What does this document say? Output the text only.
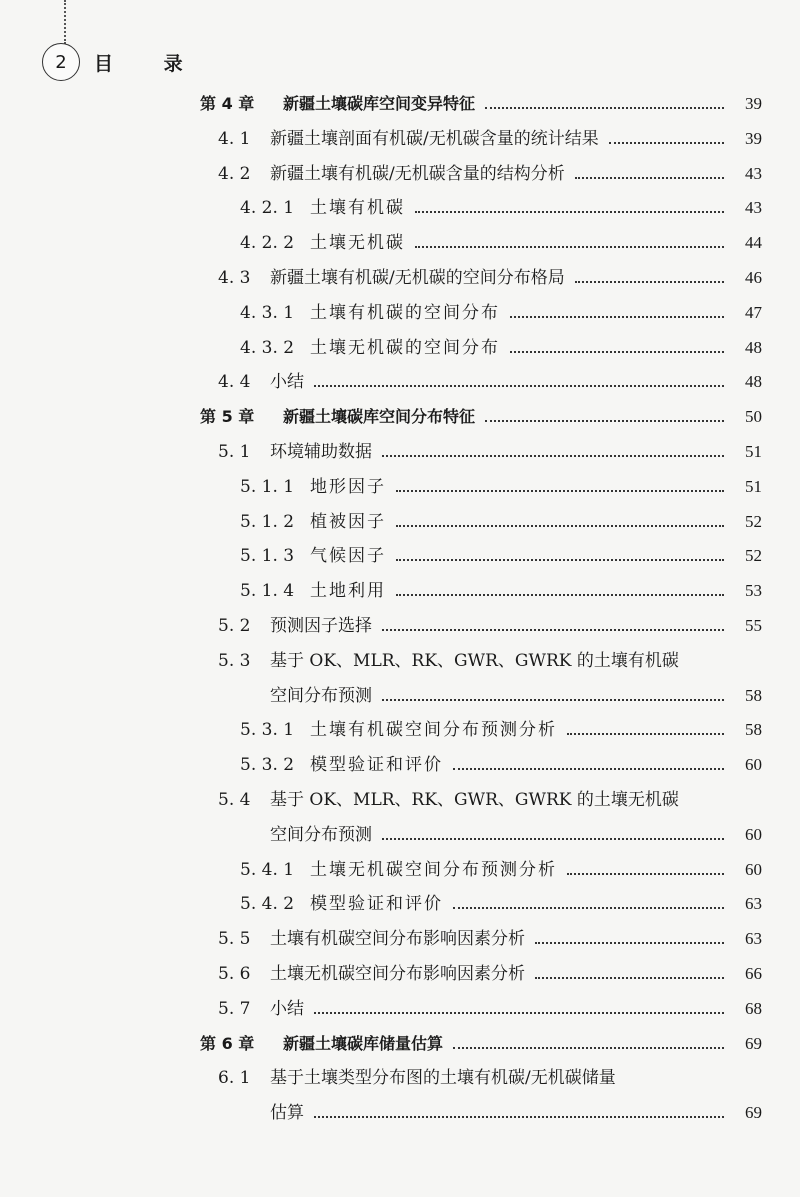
2	目 录
第 4 章	新疆土壤碳库空间变异特征	39
4. 1	新疆土壤剖面有机碳/无机碳含量的统计结果	39
4. 2	新疆土壤有机碳/无机碳含量的结构分析	43
4. 2. 1 土壤有机碳	43
4. 2. 2 土壤无机碳	44
4. 3	新疆土壤有机碳/无机碳的空间分布格局	46
4. 3. 1 土壤有机碳的空间分布	47
4. 3. 2 土壤无机碳的空间分布	48
4. 4	小结	48
第 5 章	新疆土壤碳库空间分布特征	50
5. 1	环境辅助数据	51
5. 1. 1 地形因子	51
5. 1. 2 植被因子	52
5. 1. 3 气候因子	52
5. 1. 4 土地利用	53
5. 2	预测因子选择	55
5. 3	基于 OK、MLR、RK、GWR、GWRK 的土壤有机碳
空间分布预测	58
5. 3. 1 土壤有机碳空间分布预测分析	58
5. 3. 2 模型验证和评价	60
5. 4	基于 OK、MLR、RK、GWR、GWRK 的土壤无机碳
空间分布预测	60
5. 4. 1 土壤无机碳空间分布预测分析	60
5. 4. 2 模型验证和评价	63
5. 5	土壤有机碳空间分布影响因素分析	63
5. 6	土壤无机碳空间分布影响因素分析	66
5. 7	小结	68
第 6 章	新疆土壤碳库储量估算	69
6. 1	基于土壤类型分布图的土壤有机碳/无机碳储量
估算	69
